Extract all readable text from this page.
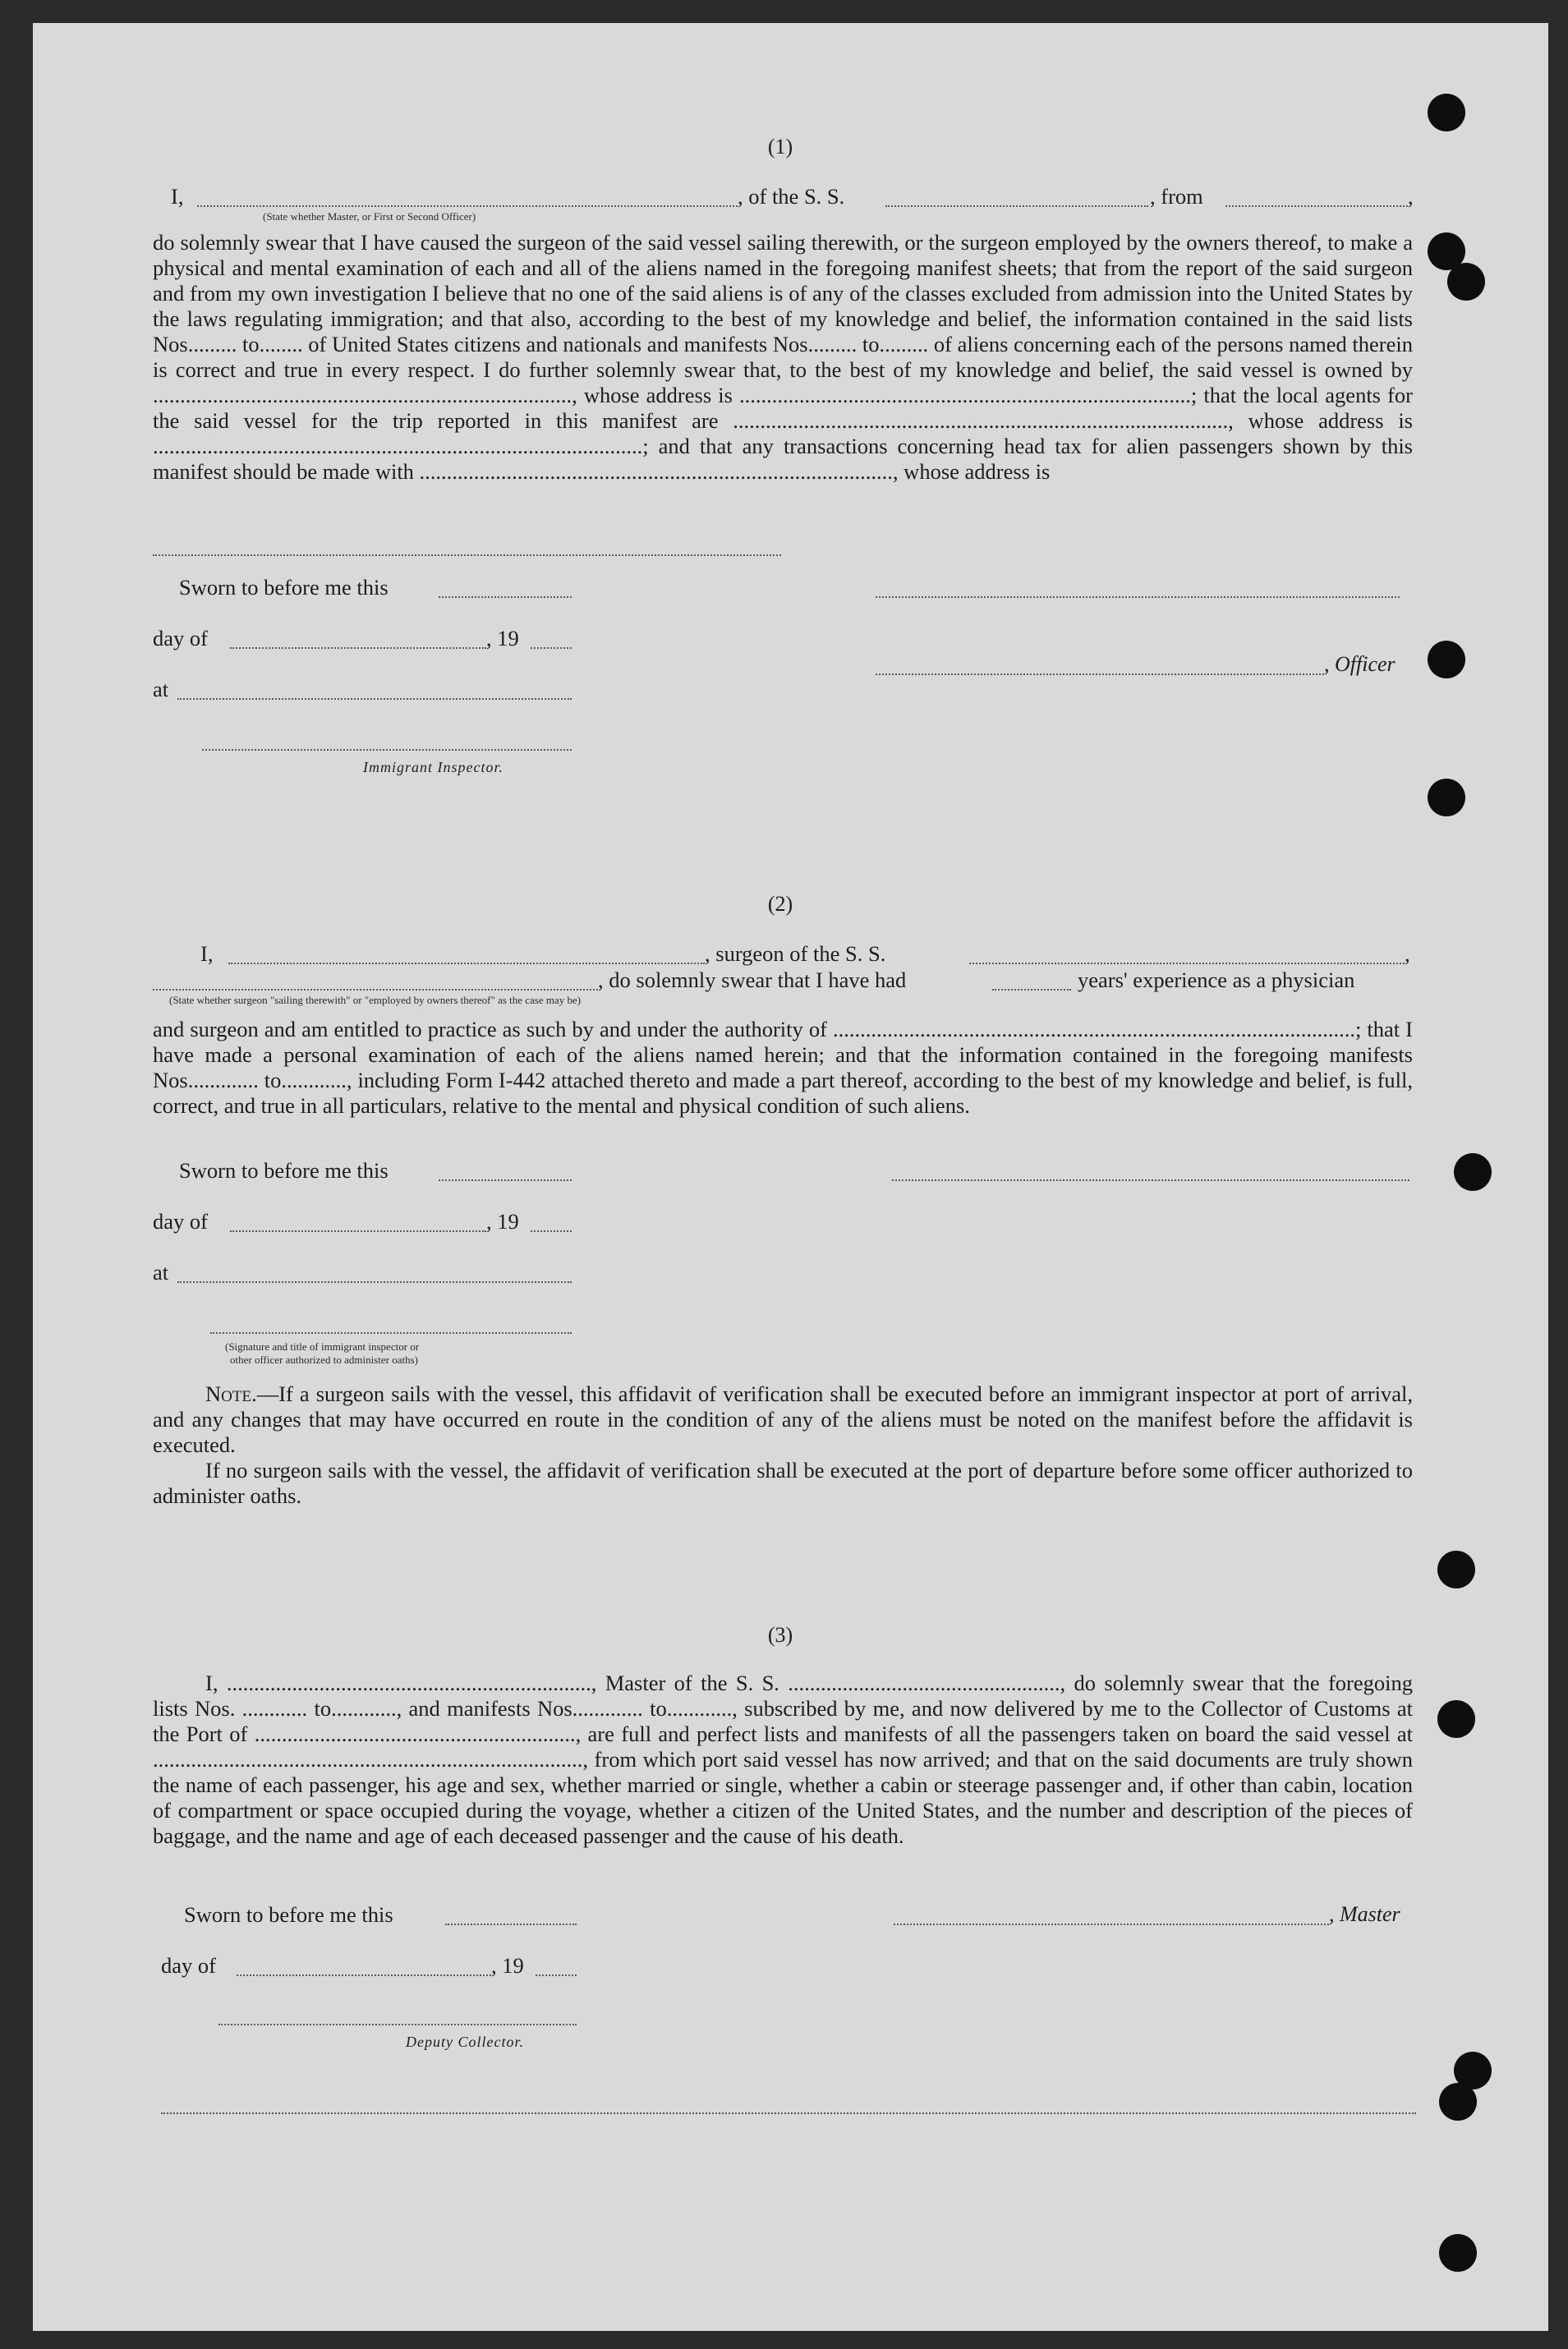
(1)
I,	, of the S. S.	, from	,
(State whether Master, or First or Second Officer)

do solemnly swear that I have caused the surgeon of the said vessel sailing therewith, or the surgeon employed by the owners thereof, to make a physical and mental examination of each and all of the aliens named in the foregoing manifest sheets; that from the report of the said surgeon and from my own investigation I believe that no one of the said aliens is of any of the classes excluded from admission into the United States by the laws regulating immigration; and that also, according to the best of my knowledge and belief, the information contained in the said lists Nos......... to........ of United States citizens and nationals and manifests Nos......... to......... of aliens concerning each of the persons named therein is correct and true in every respect. I do further solemnly swear that, to the best of my knowledge and belief, the said vessel is owned by ............................................................................., whose address is ...................................................................................; that the local agents for the said vessel for the trip reported in this manifest are ..........................................................................................., whose address is ..........................................................................................; and that any transactions concerning head tax for alien passengers shown by this manifest should be made with ......................................................................................., whose address is

Sworn to before me this
day of	, 19
, Officer
at
Immigrant Inspector.
(2)
I,	, surgeon of the S. S.	,
, do solemnly swear that I have had	years' experience as a physician
(State whether surgeon "sailing therewith" or "employed by owners thereof" as the case may be)

and surgeon and am entitled to practice as such by and under the authority of ................................................................................................; that I have made a personal examination of each of the aliens named herein; and that the information contained in the foregoing manifests Nos............. to............, including Form I-442 attached thereto and made a part thereof, according to the best of my knowledge and belief, is full, correct, and true in all particulars, relative to the mental and physical condition of such aliens.

Sworn to before me this
day of	, 19
at
(Signature and title of immigrant inspector or
other officer authorized to administer oaths)

Note.—If a surgeon sails with the vessel, this affidavit of verification shall be executed before an immigrant inspector at port of arrival, and any changes that may have occurred en route in the condition of any of the aliens must be noted on the manifest before the affidavit is executed.

If no surgeon sails with the vessel, the affidavit of verification shall be executed at the port of departure before some officer authorized to administer oaths.

(3)

I, ..................................................................., Master of the S. S. .................................................., do solemnly swear that the foregoing lists Nos. ............ to............, and manifests Nos............. to............, subscribed by me, and now delivered by me to the Collector of Customs at the Port of ..........................................................., are full and perfect lists and manifests of all the passengers taken on board the said vessel at ..............................................................................., from which port said vessel has now arrived; and that on the said documents are truly shown the name of each passenger, his age and sex, whether married or single, whether a cabin or steerage passenger and, if other than cabin, location of compartment or space occupied during the voyage, whether a citizen of the United States, and the number and description of the pieces of baggage, and the name and age of each deceased passenger and the cause of his death.

Sworn to before me this	, Master
day of	, 19
Deputy Collector.
